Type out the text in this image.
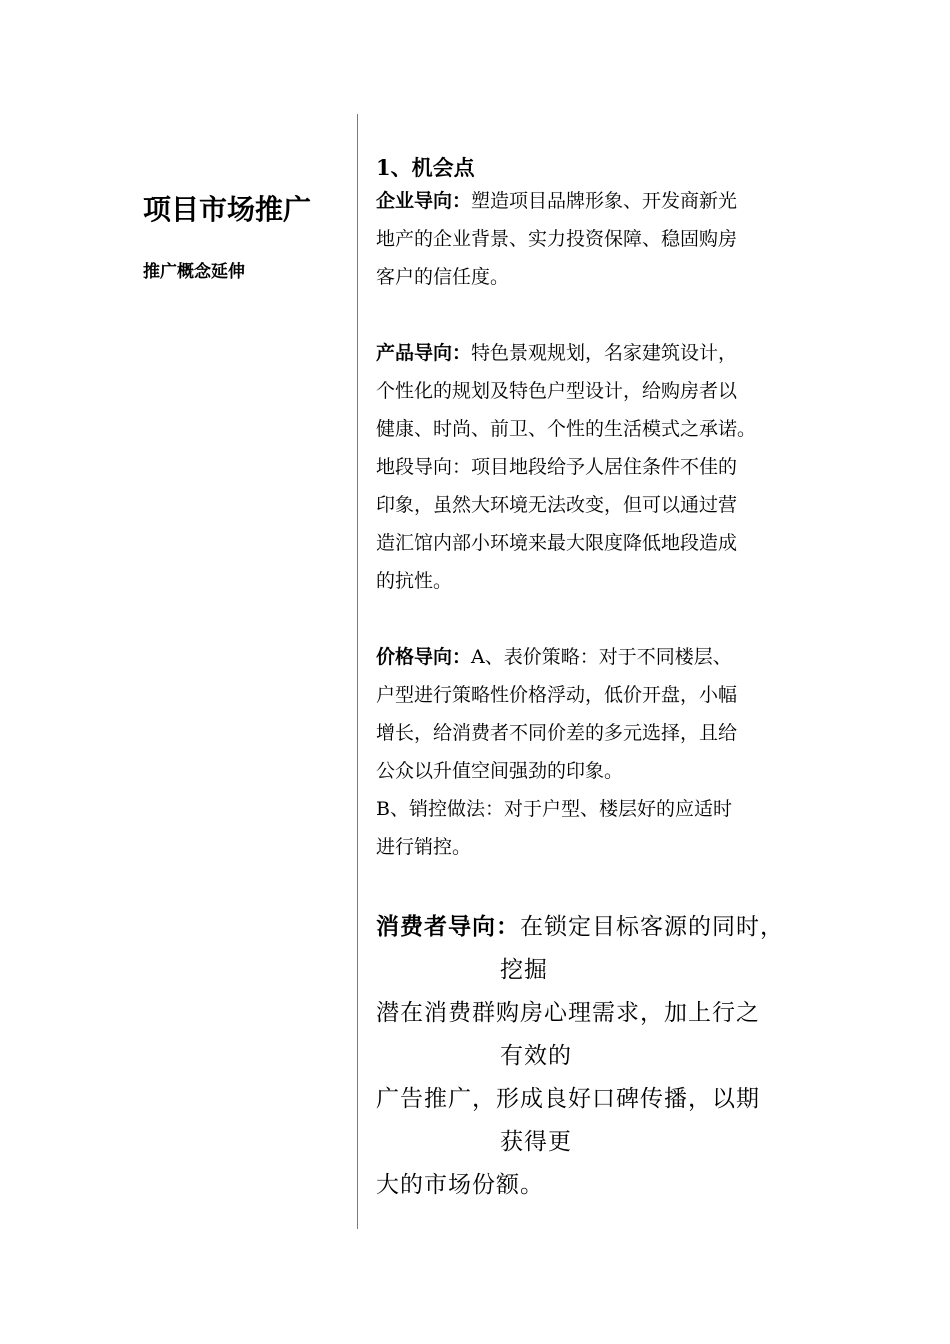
项目市场推广
推广概念延伸
1、机会点
企业导向：塑造项目品牌形象、开发商新光
地产的企业背景、实力投资保障、稳固购房
客户的信任度。
产品导向：特色景观规划，名家建筑设计，
个性化的规划及特色户型设计，给购房者以
健康、时尚、前卫、个性的生活模式之承诺。
地段导向：项目地段给予人居住条件不佳的
印象，虽然大环境无法改变，但可以通过营
造汇馆内部小环境来最大限度降低地段造成
的抗性。
价格导向：A、表价策略：对于不同楼层、
户型进行策略性价格浮动，低价开盘，小幅
增长，给消费者不同价差的多元选择，且给
公众以升值空间强劲的印象。
B、销控做法：对于户型、楼层好的应适时
进行销控。
消费者导向：在锁定目标客源的同时，
挖掘
潜在消费群购房心理需求，加上行之
有效的
广告推广，形成良好口碑传播，以期
获得更
大的市场份额。
